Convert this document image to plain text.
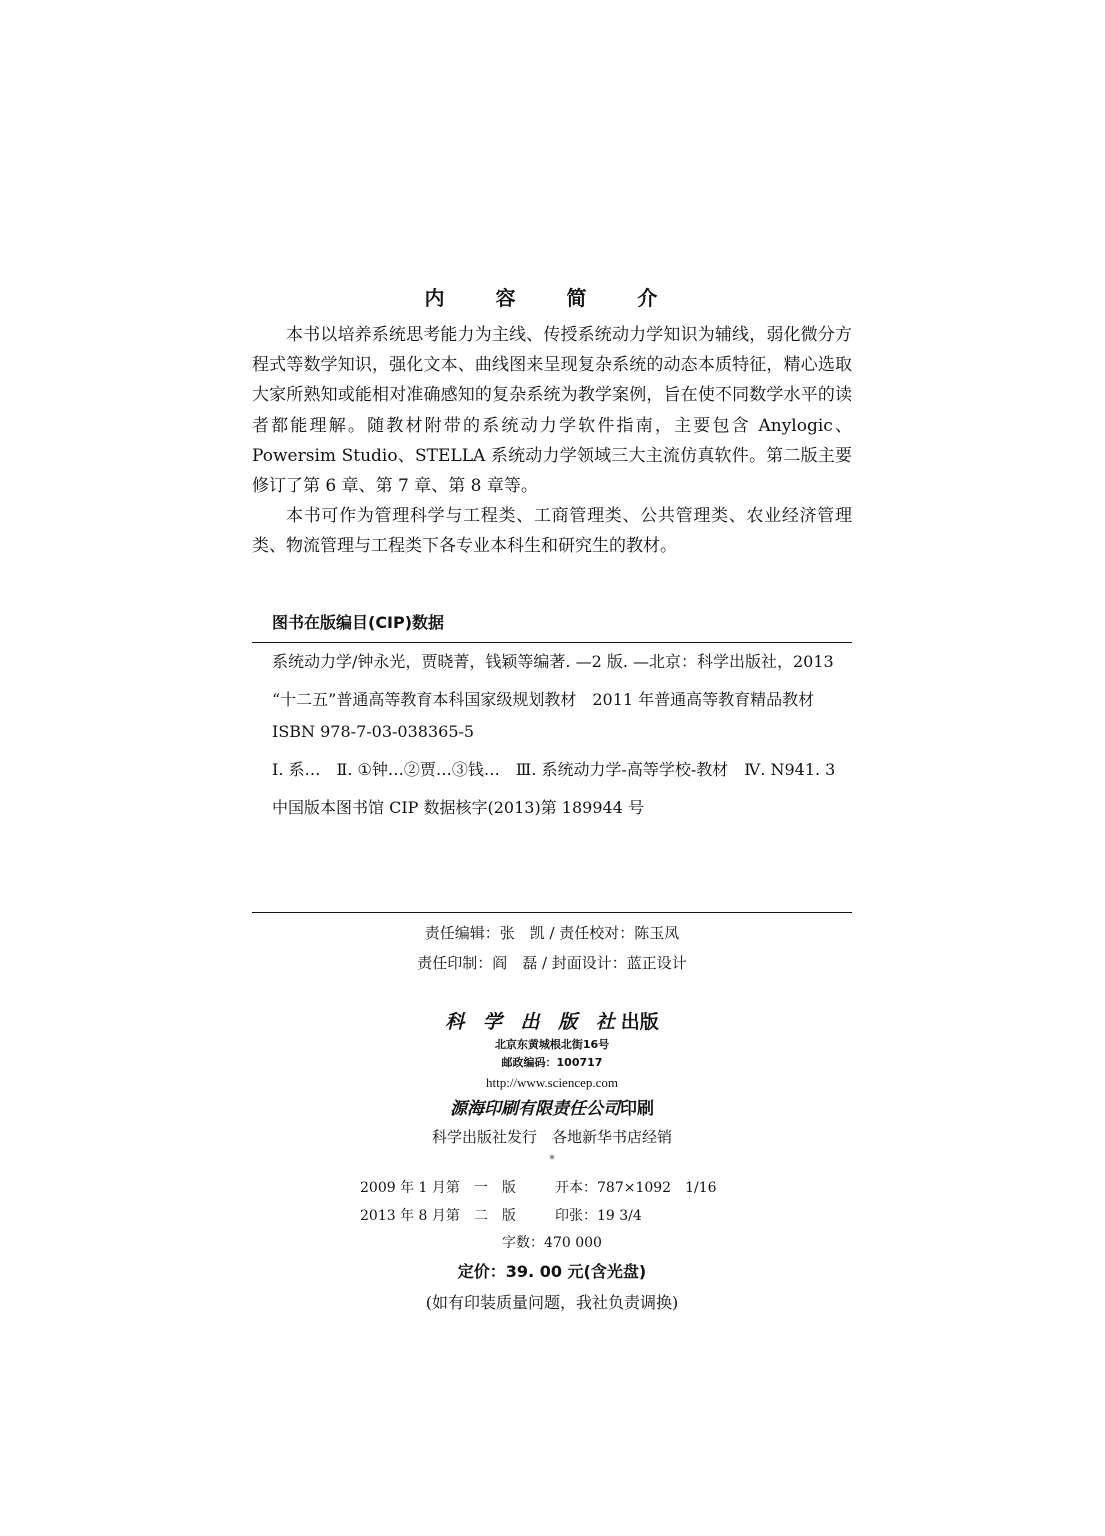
内 容 简 介

本书以培养系统思考能力为主线、传授系统动力学知识为辅线，弱化微分方程式等数学知识，强化文本、曲线图来呈现复杂系统的动态本质特征，精心选取大家所熟知或能相对准确感知的复杂系统为教学案例，旨在使不同数学水平的读者都能理解。随教材附带的系统动力学软件指南，主要包含 Anylogic、Powersim Studio、STELLA 系统动力学领域三大主流仿真软件。第二版主要修订了第 6 章、第 7 章、第 8 章等。

本书可作为管理科学与工程类、工商管理类、公共管理类、农业经济管理类、物流管理与工程类下各专业本科生和研究生的教材。

图书在版编目(CIP)数据

系统动力学/钟永光，贾晓菁，钱颖等编著. —2 版. —北京：科学出版社，2013

“十二五”普通高等教育本科国家级规划教材　2011 年普通高等教育精品教材

ISBN 978-7-03-038365-5

Ⅰ. 系…　Ⅱ. ①钟…②贾…③钱…　Ⅲ. 系统动力学-高等学校-教材　Ⅳ. N941. 3

中国版本图书馆 CIP 数据核字(2013)第 189944 号

责任编辑：张　凯 / 责任校对：陈玉凤
责任印制：阎　磊 / 封面设计：蓝正设计
科 学 出 版 社出版
北京东黄城根北街16号
邮政编码：100717
http://www.sciencep.com
源海印刷有限责任公司印刷
科学出版社发行　各地新华书店经销
*
2009 年 1 月第　一　版	开本：787×1092　1/16
2013 年 8 月第　二　版	印张：19 3/4
字数：470 000
定价：39. 00 元(含光盘)
(如有印装质量问题，我社负责调换)
